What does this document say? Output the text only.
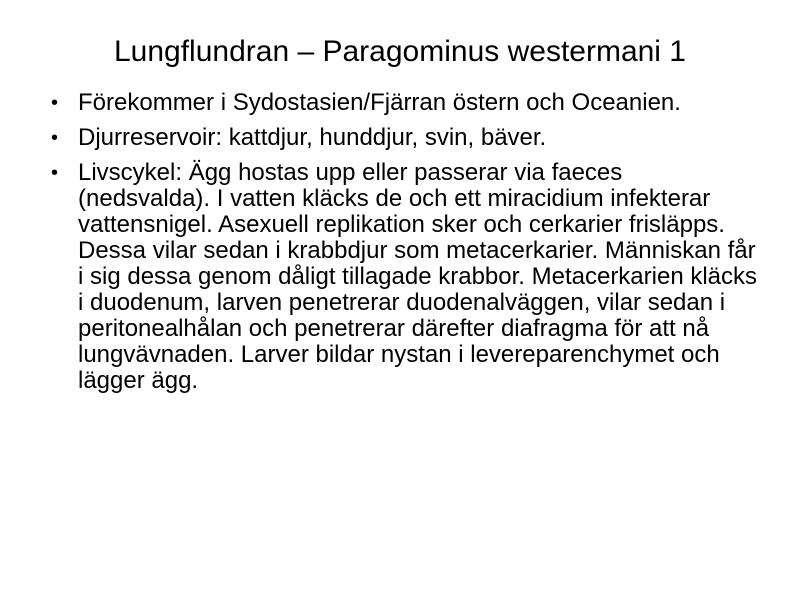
Lungflundran – Paragominus westermani 1
• Förekommer i Sydostasien/Fjärran östern och Oceanien.
• Djurreservoir: kattdjur, hunddjur, svin, bäver.
• Livscykel: Ägg hostas upp eller passerar via faeces (nedsvalda). I vatten kläcks de och ett miracidium infekterar vattensnigel. Asexuell replikation sker och cerkarier frisläpps. Dessa vilar sedan i krabbdjur som metacerkarier. Människan får i sig dessa genom dåligt tillagade krabbor. Metacerkarien kläcks i duodenum, larven penetrerar duodenalväggen, vilar sedan i peritonealhålan och penetrerar därefter diafragma för att nå lungvävnaden. Larver bildar nystan i levereparenchymet och lägger ägg.
